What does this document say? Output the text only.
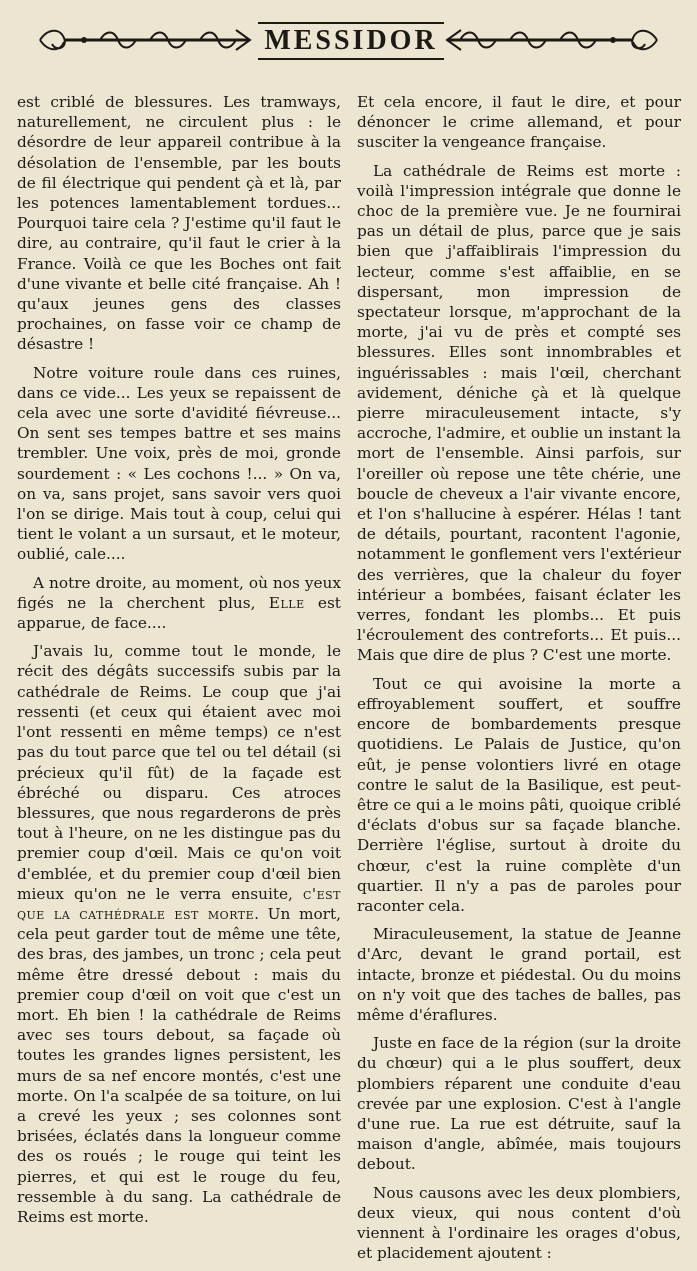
MESSIDOR

est criblé de blessures. Les tramways, naturellement, ne circulent plus : le désordre de leur appareil contribue à la désolation de l'ensemble, par les bouts de fil électrique qui pendent çà et là, par les potences lamentablement tordues... Pourquoi taire cela ? J'estime qu'il faut le dire, au contraire, qu'il faut le crier à la France. Voilà ce que les Boches ont fait d'une vivante et belle cité française. Ah ! qu'aux jeunes gens des classes prochaines, on fasse voir ce champ de désastre !

Notre voiture roule dans ces ruines, dans ce vide... Les yeux se repaissent de cela avec une sorte d'avidité fiévreuse... On sent ses tempes battre et ses mains trembler. Une voix, près de moi, gronde sourdement : « Les cochons !... » On va, on va, sans projet, sans savoir vers quoi l'on se dirige. Mais tout à coup, celui qui tient le volant a un sursaut, et le moteur, oublié, cale....

A notre droite, au moment, où nos yeux figés ne la cherchent plus, Elle est apparue, de face....

J'avais lu, comme tout le monde, le récit des dégâts successifs subis par la cathédrale de Reims. Le coup que j'ai ressenti (et ceux qui étaient avec moi l'ont ressenti en même temps) ce n'est pas du tout parce que tel ou tel détail (si précieux qu'il fût) de la façade est ébréché ou disparu. Ces atroces blessures, que nous regarderons de près tout à l'heure, on ne les distingue pas du premier coup d'œil. Mais ce qu'on voit d'emblée, et du premier coup d'œil bien mieux qu'on ne le verra ensuite, c'est que la cathédrale est morte. Un mort, cela peut garder tout de même une tête, des bras, des jambes, un tronc ; cela peut même être dressé debout : mais du premier coup d'œil on voit que c'est un mort. Eh bien ! la cathédrale de Reims avec ses tours debout, sa façade où toutes les grandes lignes persistent, les murs de sa nef encore montés, c'est une morte. On l'a scalpée de sa toiture, on lui a crevé les yeux ; ses colonnes sont brisées, éclatés dans la longueur comme des os roués ; le rouge qui teint les pierres, et qui est le rouge du feu, ressemble à du sang. La cathédrale de Reims est morte.

Et cela encore, il faut le dire, et pour dénoncer le crime allemand, et pour susciter la vengeance française.

La cathédrale de Reims est morte : voilà l'impression intégrale que donne le choc de la première vue. Je ne fournirai pas un détail de plus, parce que je sais bien que j'affaiblirais l'impression du lecteur, comme s'est affaiblie, en se dispersant, mon impression de spectateur lorsque, m'approchant de la morte, j'ai vu de près et compté ses blessures. Elles sont innombrables et inguérissables : mais l'œil, cherchant avidement, déniche çà et là quelque pierre miraculeusement intacte, s'y accroche, l'admire, et oublie un instant la mort de l'ensemble. Ainsi parfois, sur l'oreiller où repose une tête chérie, une boucle de cheveux a l'air vivante encore, et l'on s'hallucine à espérer. Hélas ! tant de détails, pourtant, racontent l'agonie, notamment le gonflement vers l'extérieur des verrières, que la chaleur du foyer intérieur a bombées, faisant éclater les verres, fondant les plombs... Et puis l'écroulement des contreforts... Et puis... Mais que dire de plus ? C'est une morte.

Tout ce qui avoisine la morte a effroyablement souffert, et souffre encore de bombardements presque quotidiens. Le Palais de Justice, qu'on eût, je pense volontiers livré en otage contre le salut de la Basilique, est peut-être ce qui a le moins pâti, quoique criblé d'éclats d'obus sur sa façade blanche. Derrière l'église, surtout à droite du chœur, c'est la ruine complète d'un quartier. Il n'y a pas de paroles pour raconter cela.

Miraculeusement, la statue de Jeanne d'Arc, devant le grand portail, est intacte, bronze et piédestal. Ou du moins on n'y voit que des taches de balles, pas même d'éraflures.

Juste en face de la région (sur la droite du chœur) qui a le plus souffert, deux plombiers réparent une conduite d'eau crevée par une explosion. C'est à l'angle d'une rue. La rue est détruite, sauf la maison d'angle, abîmée, mais toujours debout.

Nous causons avec les deux plombiers, deux vieux, qui nous content d'où viennent à l'ordinaire les orages d'obus, et placidement ajoutent :
